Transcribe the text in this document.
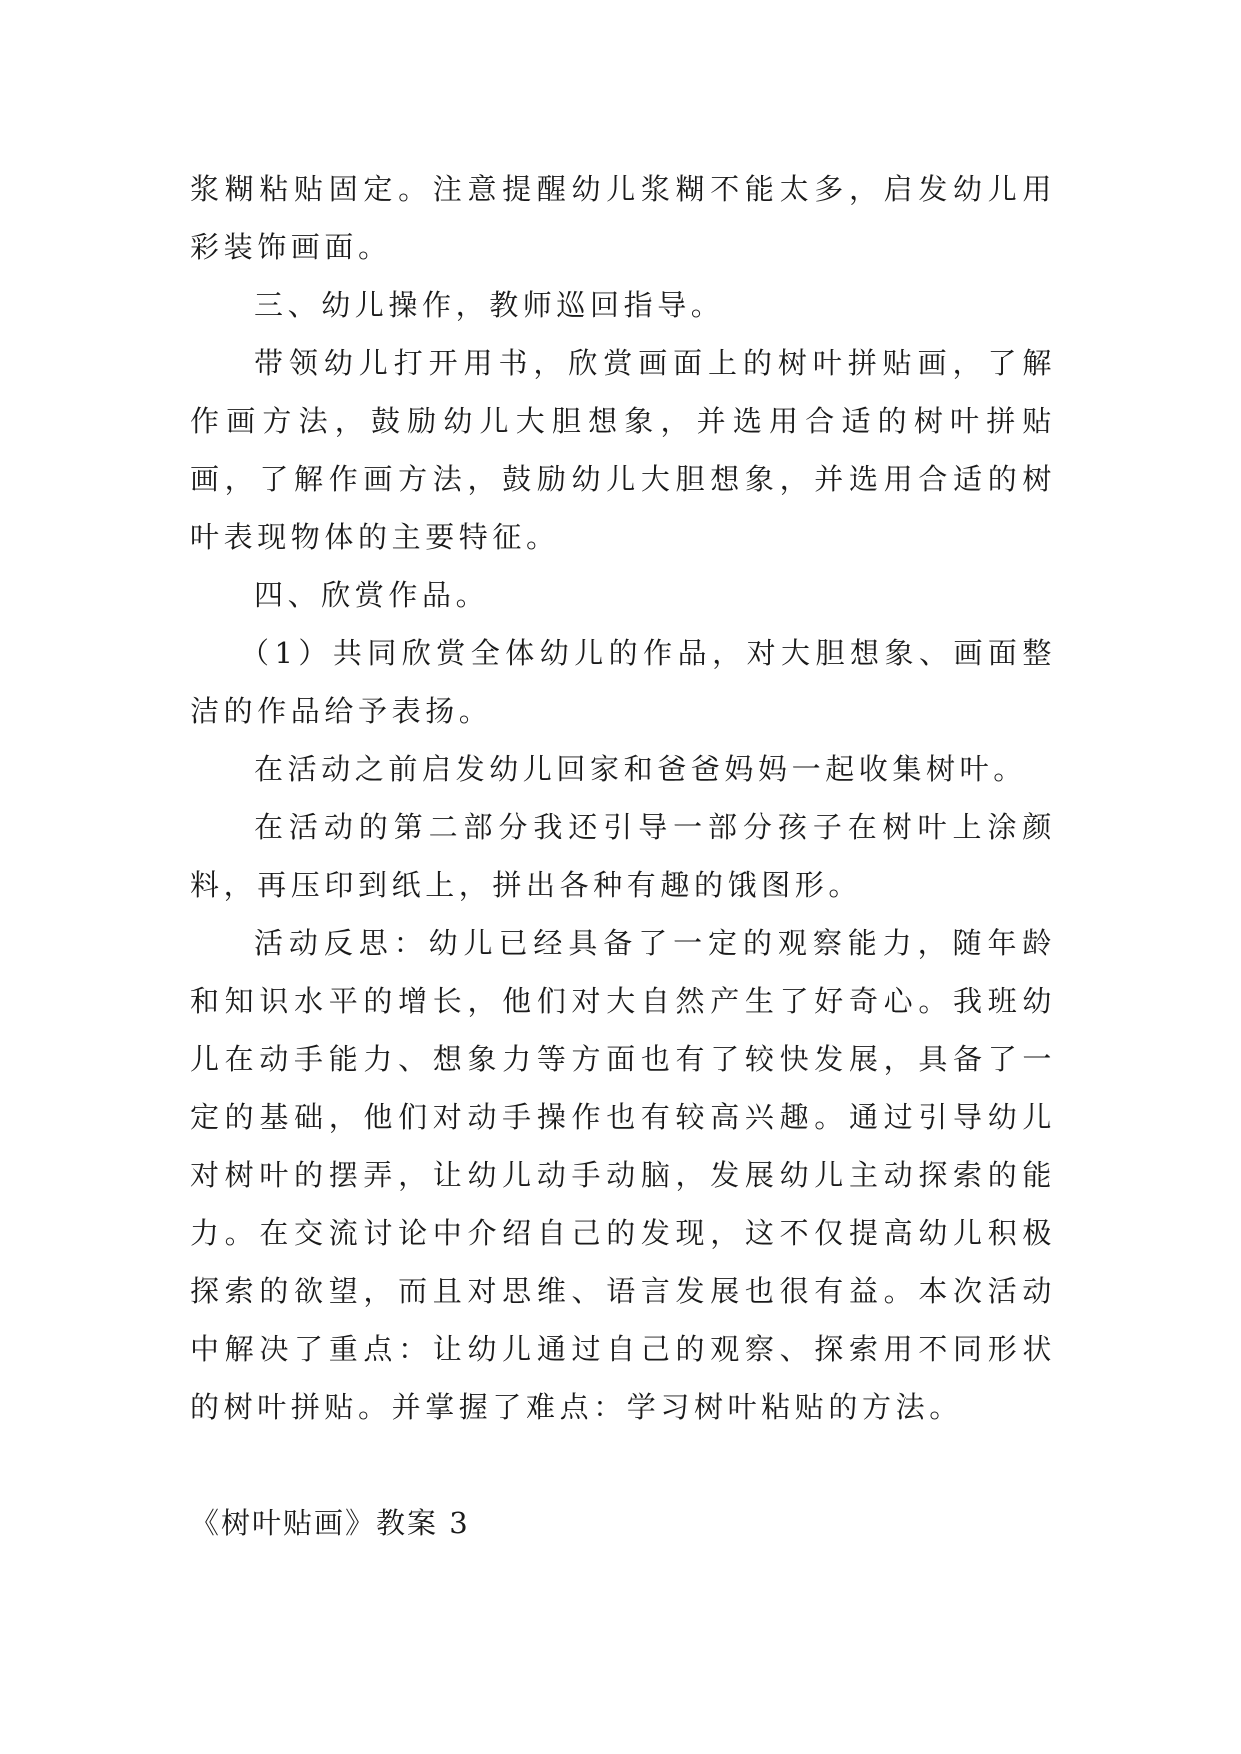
浆糊粘贴固定。注意提醒幼儿浆糊不能太多，启发幼儿用彩装饰画面。

三、幼儿操作，教师巡回指导。

带领幼儿打开用书，欣赏画面上的树叶拼贴画，了解作画方法，鼓励幼儿大胆想象，并选用合适的树叶拼贴画，了解作画方法，鼓励幼儿大胆想象，并选用合适的树叶表现物体的主要特征。

四、欣赏作品。

（1）共同欣赏全体幼儿的作品，对大胆想象、画面整洁的作品给予表扬。

在活动之前启发幼儿回家和爸爸妈妈一起收集树叶。

在活动的第二部分我还引导一部分孩子在树叶上涂颜料，再压印到纸上，拼出各种有趣的饿图形。

活动反思：幼儿已经具备了一定的观察能力，随年龄和知识水平的增长，他们对大自然产生了好奇心。我班幼儿在动手能力、想象力等方面也有了较快发展，具备了一定的基础，他们对动手操作也有较高兴趣。通过引导幼儿对树叶的摆弄，让幼儿动手动脑，发展幼儿主动探索的能力。在交流讨论中介绍自己的发现，这不仅提高幼儿积极探索的欲望，而且对思维、语言发展也很有益。本次活动中解决了重点：让幼儿通过自己的观察、探索用不同形状的树叶拼贴。并掌握了难点：学习树叶粘贴的方法。

《树叶贴画》教案 3
